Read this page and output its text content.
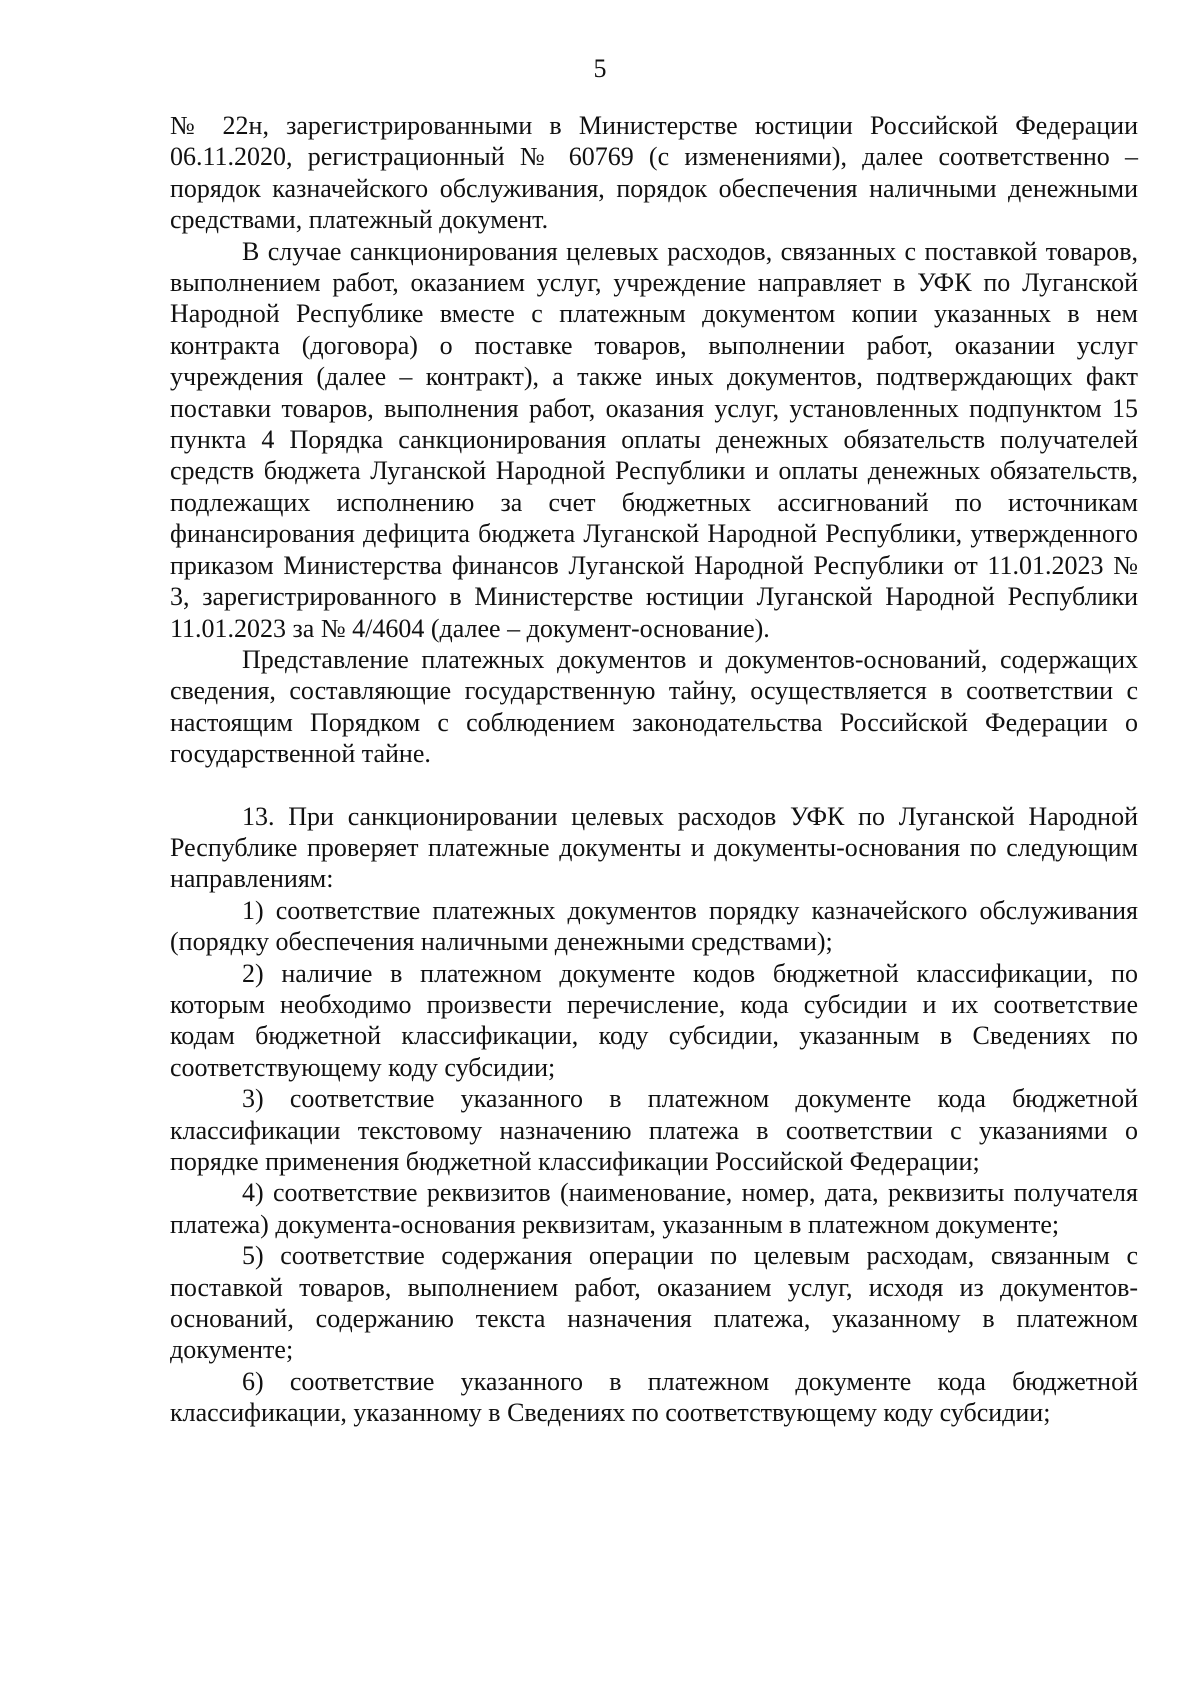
5

№ 22н, зарегистрированными в Министерстве юстиции Российской Федерации 06.11.2020, регистрационный № 60769 (с изменениями), далее соответственно – порядок казначейского обслуживания, порядок обеспечения наличными денежными средствами, платежный документ.

В случае санкционирования целевых расходов, связанных с поставкой товаров, выполнением работ, оказанием услуг, учреждение направляет в УФК по Луганской Народной Республике вместе с платежным документом копии указанных в нем контракта (договора) о поставке товаров, выполнении работ, оказании услуг учреждения (далее – контракт), а также иных документов, подтверждающих факт поставки товаров, выполнения работ, оказания услуг, установленных подпунктом 15 пункта 4 Порядка санкционирования оплаты денежных обязательств получателей средств бюджета Луганской Народной Республики и оплаты денежных обязательств, подлежащих исполнению за счет бюджетных ассигнований по источникам финансирования дефицита бюджета Луганской Народной Республики, утвержденного приказом Министерства финансов Луганской Народной Республики от 11.01.2023 № 3, зарегистрированного в Министерстве юстиции Луганской Народной Республики 11.01.2023 за № 4/4604 (далее – документ-основание).

Представление платежных документов и документов-оснований, содержащих сведения, составляющие государственную тайну, осуществляется в соответствии с настоящим Порядком с соблюдением законодательства Российской Федерации о государственной тайне.

13. При санкционировании целевых расходов УФК по Луганской Народной Республике проверяет платежные документы и документы-основания по следующим направлениям:

1) соответствие платежных документов порядку казначейского обслуживания (порядку обеспечения наличными денежными средствами);

2) наличие в платежном документе кодов бюджетной классификации, по которым необходимо произвести перечисление, кода субсидии и их соответствие кодам бюджетной классификации, коду субсидии, указанным в Сведениях по соответствующему коду субсидии;

3) соответствие указанного в платежном документе кода бюджетной классификации текстовому назначению платежа в соответствии с указаниями о порядке применения бюджетной классификации Российской Федерации;

4) соответствие реквизитов (наименование, номер, дата, реквизиты получателя платежа) документа-основания реквизитам, указанным в платежном документе;

5) соответствие содержания операции по целевым расходам, связанным с поставкой товаров, выполнением работ, оказанием услуг, исходя из документов-оснований, содержанию текста назначения платежа, указанному в платежном документе;

6) соответствие указанного в платежном документе кода бюджетной классификации, указанному в Сведениях по соответствующему коду субсидии;
